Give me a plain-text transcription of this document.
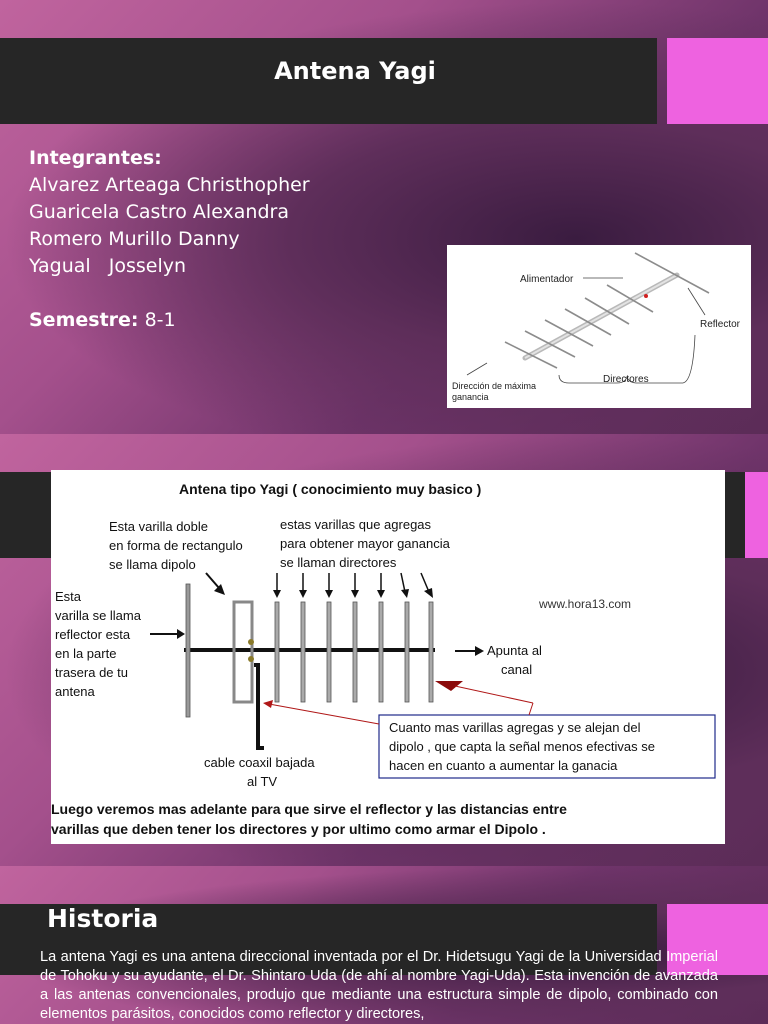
Antena Yagi
Integrantes:
Alvarez Arteaga Christhopher
Guaricela Castro Alexandra
Romero Murillo Danny
Yagual   Josselyn
Semestre: 8-1
Alimentador
Reflector
Directores
Dirección de máxima
ganancia
Antena tipo Yagi ( conocimiento muy basico )
Esta varilla doble
en forma de rectangulo
se llama dipolo
estas varillas que agregas
para obtener mayor ganancia
se llaman directores
www.hora13.com
Esta
varilla se llama
reflector esta
en la parte
trasera de tu
antena
Apunta al
canal
cable coaxil bajada
al TV
Luego veremos mas adelante para que sirve el reflector y las distancias entre
varillas que deben tener los directores y por ultimo como armar el Dipolo .
Cuanto mas varillas agregas y se alejan del
dipolo , que capta la señal menos efectivas se
hacen en cuanto a aumentar la ganacia
Historia
La antena Yagi es una antena direccional inventada por el Dr. Hidetsugu Yagi de la Universidad Imperial de Tohoku y su ayudante, el Dr. Shintaro Uda (de ahí al nombre Yagi-Uda). Esta invención de avanzada a las antenas convencionales, produjo que mediante una estructura simple de dipolo, combinado con elementos parásitos, conocidos como reflector y directores,
